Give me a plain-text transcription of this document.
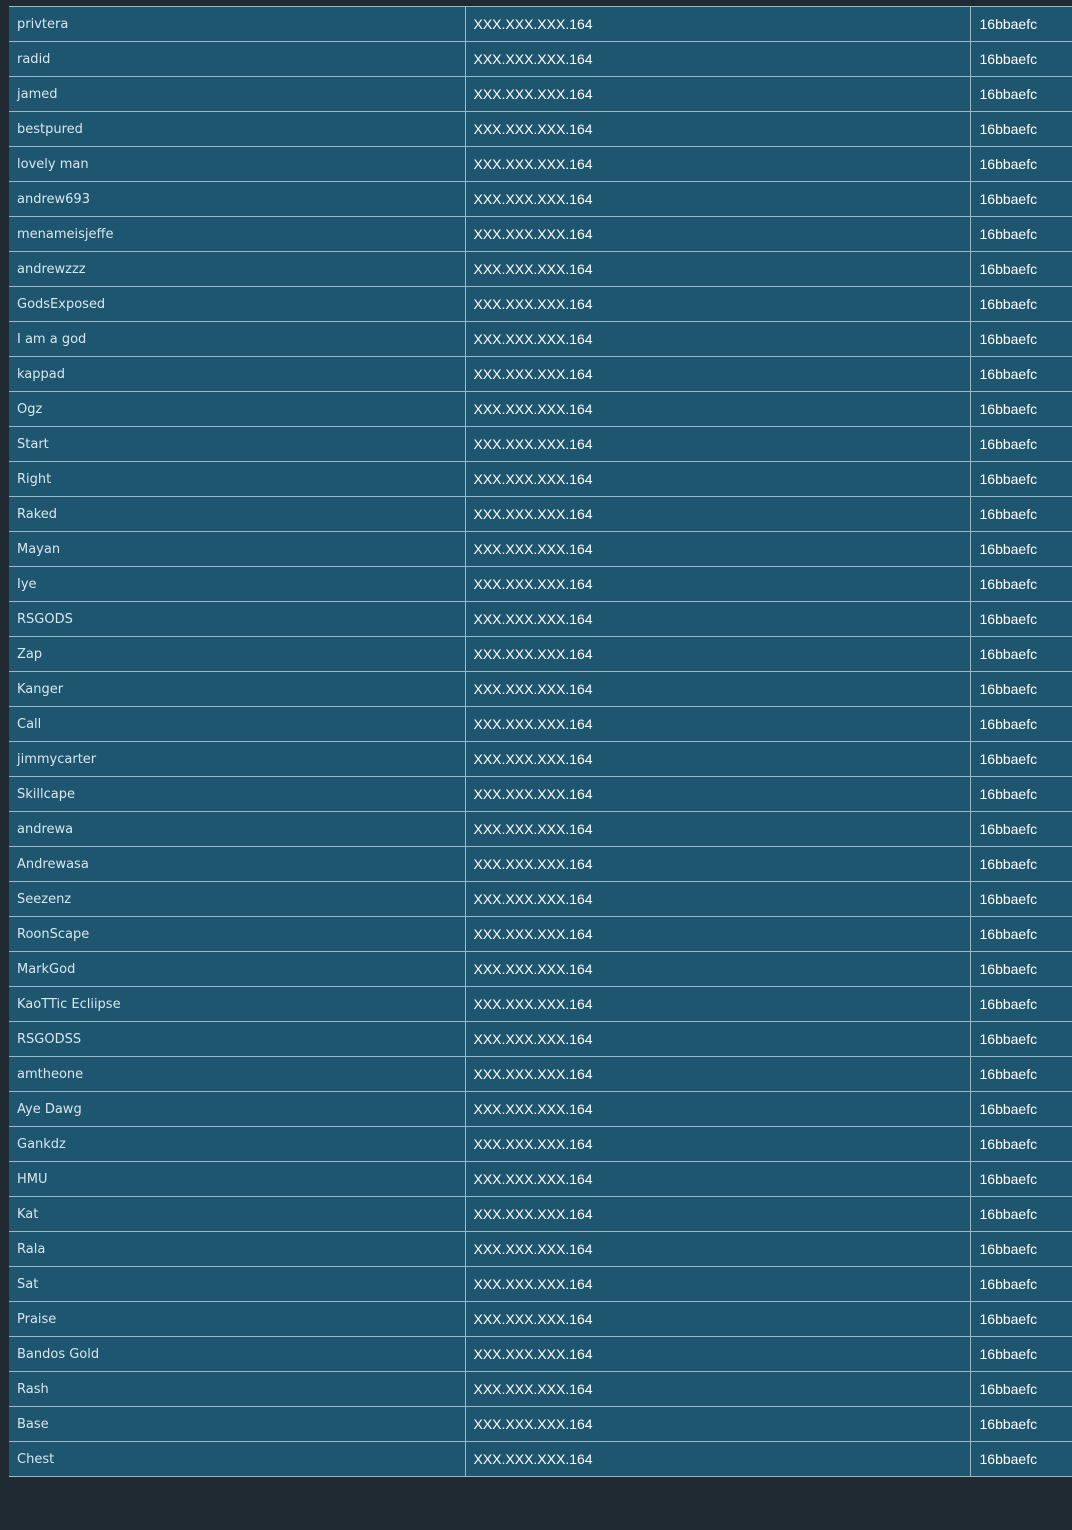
privtera	XXX.XXX.XXX.164	16bbaefc
radid	XXX.XXX.XXX.164	16bbaefc
jamed	XXX.XXX.XXX.164	16bbaefc
bestpured	XXX.XXX.XXX.164	16bbaefc
lovely man	XXX.XXX.XXX.164	16bbaefc
andrew693	XXX.XXX.XXX.164	16bbaefc
menameisjeffe	XXX.XXX.XXX.164	16bbaefc
andrewzzz	XXX.XXX.XXX.164	16bbaefc
GodsExposed	XXX.XXX.XXX.164	16bbaefc
I am a god	XXX.XXX.XXX.164	16bbaefc
kappad	XXX.XXX.XXX.164	16bbaefc
Ogz	XXX.XXX.XXX.164	16bbaefc
Start	XXX.XXX.XXX.164	16bbaefc
Right	XXX.XXX.XXX.164	16bbaefc
Raked	XXX.XXX.XXX.164	16bbaefc
Mayan	XXX.XXX.XXX.164	16bbaefc
Iye	XXX.XXX.XXX.164	16bbaefc
RSGODS	XXX.XXX.XXX.164	16bbaefc
Zap	XXX.XXX.XXX.164	16bbaefc
Kanger	XXX.XXX.XXX.164	16bbaefc
Call	XXX.XXX.XXX.164	16bbaefc
jimmycarter	XXX.XXX.XXX.164	16bbaefc
Skillcape	XXX.XXX.XXX.164	16bbaefc
andrewa	XXX.XXX.XXX.164	16bbaefc
Andrewasa	XXX.XXX.XXX.164	16bbaefc
Seezenz	XXX.XXX.XXX.164	16bbaefc
RoonScape	XXX.XXX.XXX.164	16bbaefc
MarkGod	XXX.XXX.XXX.164	16bbaefc
KaoTTic Ecliipse	XXX.XXX.XXX.164	16bbaefc
RSGODSS	XXX.XXX.XXX.164	16bbaefc
amtheone	XXX.XXX.XXX.164	16bbaefc
Aye Dawg	XXX.XXX.XXX.164	16bbaefc
Gankdz	XXX.XXX.XXX.164	16bbaefc
HMU	XXX.XXX.XXX.164	16bbaefc
Kat	XXX.XXX.XXX.164	16bbaefc
Rala	XXX.XXX.XXX.164	16bbaefc
Sat	XXX.XXX.XXX.164	16bbaefc
Praise	XXX.XXX.XXX.164	16bbaefc
Bandos Gold	XXX.XXX.XXX.164	16bbaefc
Rash	XXX.XXX.XXX.164	16bbaefc
Base	XXX.XXX.XXX.164	16bbaefc
Chest	XXX.XXX.XXX.164	16bbaefc
